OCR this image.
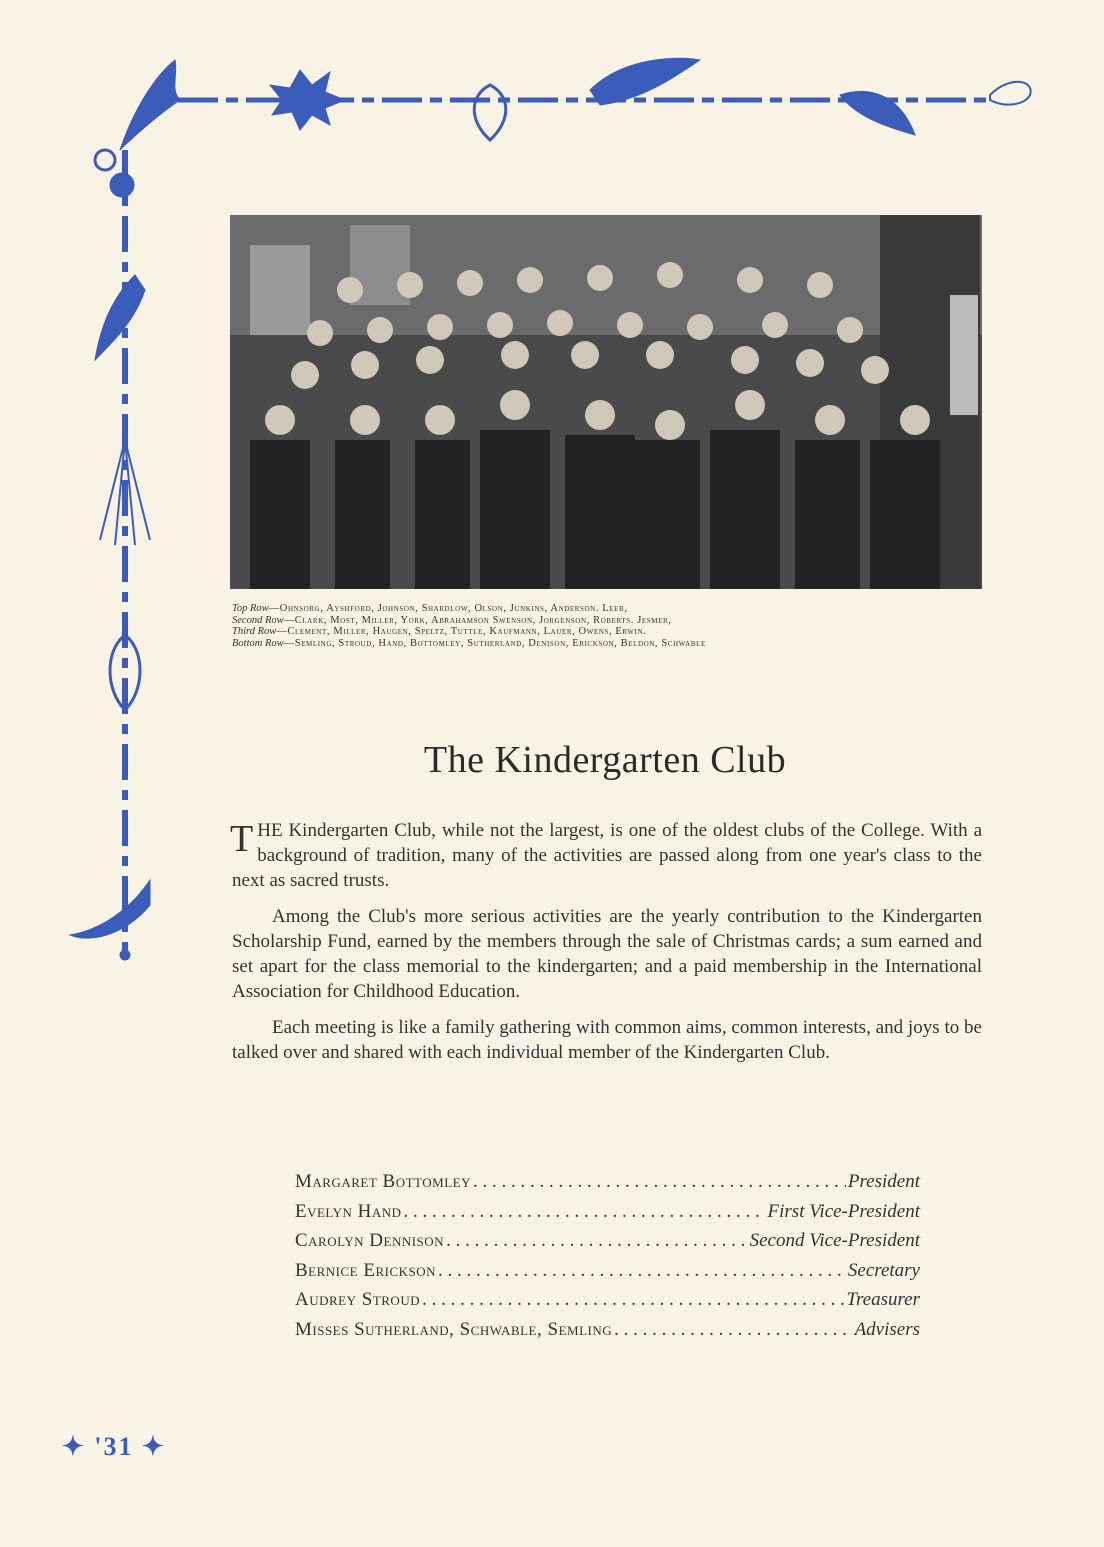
Top Row—Ohnsorg, Ayshford, Johnson, Shardlow, Olson, Junkins, Anderson. Leeb,
Second Row—Clark, Most, Miller, York, Abrahamson Swenson, Jorgenson, Roberts. Jesmer,
Third Row—Clement, Miller, Haugen, Speltz, Tuttle, Kaufmann, Lauer, Owens, Erwin.
Bottom Row—Semling, Stroud, Hand, Bottomley, Sutherland, Denison, Erickson, Beldon, Schwable
The Kindergarten Club

THE Kindergarten Club, while not the largest, is one of the oldest clubs of the College. With a background of tradition, many of the activities are passed along from one year's class to the next as sacred trusts.

Among the Club's more serious activities are the yearly contribution to the Kindergarten Scholarship Fund, earned by the members through the sale of Christmas cards; a sum earned and set apart for the class memorial to the kindergarten; and a paid membership in the International Association for Childhood Education.

Each meeting is like a family gathering with common aims, common interests, and joys to be talked over and shared with each individual member of the Kindergarten Club.

Margaret Bottomley . . .	President
Evelyn Hand . . .	First Vice-President
Carolyn Dennison . . .	Second Vice-President
Bernice Erickson . . .	Secretary
Audrey Stroud . . .	Treasurer
Misses Sutherland, Schwable, Semling . . .	Advisers
✦ '31 ✦
